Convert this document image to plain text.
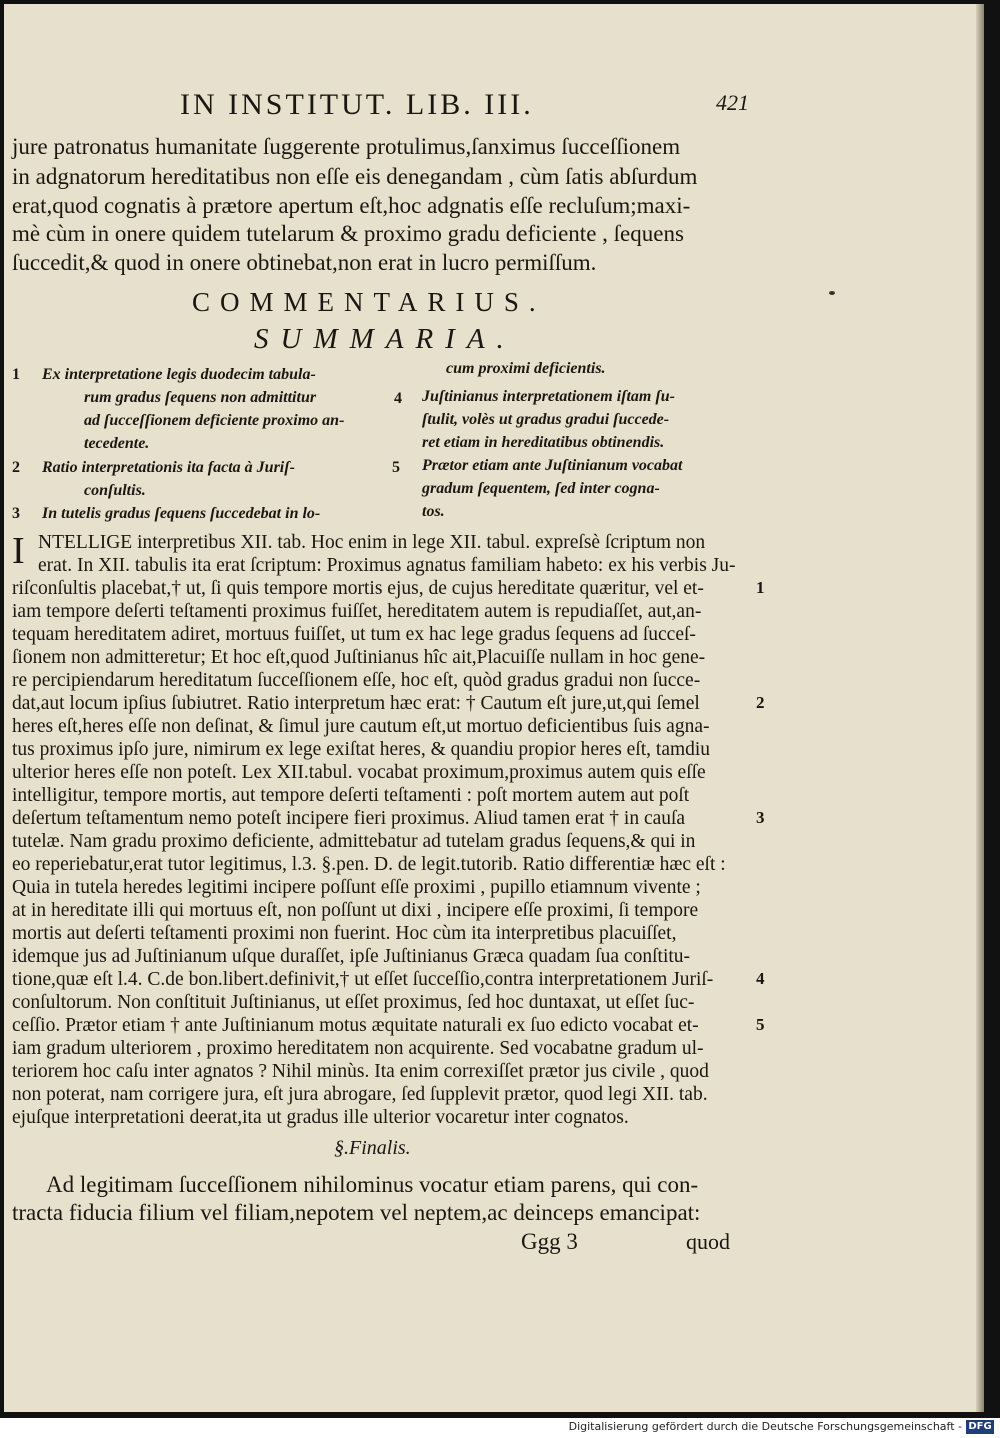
IN INSTITUT. LIB. III.	421
jure patronatus humanitate ſuggerente protulimus,ſanximus ſucceſſionem
in adgnatorum hereditatibus non eſſe eis denegandam , cùm ſatis abſurdum
erat,quod cognatis à prætore apertum eſt,hoc adgnatis eſſe recluſum;maxi-
mè cùm in onere quidem tutelarum & proximo gradu deficiente , ſequens
ſuccedit,& quod in onere obtinebat,non erat in lucro permiſſum.
COMMENTARIUS.
SUMMARIA.
1 Ex interpretatione legis duodecim tabula-
rum gradus ſequens non admittitur
ad ſucceſſionem deficiente proximo an-
tecedente.
2 Ratio interpretationis ita facta à Juriſ-
conſultis.
3 In tutelis gradus ſequens ſuccedebat in lo-
cum proximi deficientis.
4 Juſtinianus interpretationem iſtam ſu-
ſtulit, volès ut gradus gradui ſuccede-
ret etiam in hereditatibus obtinendis.
5 Prætor etiam ante Juſtinianum vocabat
gradum ſequentem, ſed inter cogna-
tos.
I NTELLIGE interpretibus XII. tab. Hoc enim in lege XII. tabul. expreſsè ſcriptum non
erat. In XII. tabulis ita erat ſcriptum: Proximus agnatus familiam habeto: ex his verbis Ju-
riſconſultis placebat,† ut, ſi quis tempore mortis ejus, de cujus hereditate quæritur, vel et-
iam tempore deſerti teſtamenti proximus fuiſſet, hereditatem autem is repudiaſſet, aut,an-
tequam hereditatem adiret, mortuus fuiſſet, ut tum ex hac lege gradus ſequens ad ſucceſ-
ſionem non admitteretur; Et hoc eſt,quod Juſtinianus hîc ait,Placuiſſe nullam in hoc gene-
re percipiendarum hereditatum ſucceſſionem eſſe, hoc eſt, quòd gradus gradui non ſucce-
dat,aut locum ipſius ſubiutret. Ratio interpretum hæc erat: † Cautum eſt jure,ut,qui ſemel
heres eſt,heres eſſe non deſinat, & ſimul jure cautum eſt,ut mortuo deficientibus ſuis agna-
tus proximus ipſo jure, nimirum ex lege exiſtat heres, & quandiu propior heres eſt, tamdiu
ulterior heres eſſe non poteſt. Lex XII.tabul. vocabat proximum,proximus autem quis eſſe
intelligitur, tempore mortis, aut tempore deſerti teſtamenti : poſt mortem autem aut poſt
deſertum teſtamentum nemo poteſt incipere fieri proximus. Aliud tamen erat † in cauſa
tutelæ. Nam gradu proximo deficiente, admittebatur ad tutelam gradus ſequens,& qui in
eo reperiebatur,erat tutor legitimus, l.3. §.pen. D. de legit.tutorib. Ratio differentiæ hæc eſt :
Quia in tutela heredes legitimi incipere poſſunt eſſe proximi , pupillo etiamnum vivente ;
at in hereditate illi qui mortuus eſt, non poſſunt ut dixi , incipere eſſe proximi, ſi tempore
mortis aut deſerti teſtamenti proximi non fuerint. Hoc cùm ita interpretibus placuiſſet,
idemque jus ad Juſtinianum uſque duraſſet, ipſe Juſtinianus Græca quadam ſua conſtitu-
tione,quæ eſt l.4. C.de bon.libert.definivit,† ut eſſet ſucceſſio,contra interpretationem Juriſ-
conſultorum. Non conſtituit Juſtinianus, ut eſſet proximus, ſed hoc duntaxat, ut eſſet ſuc-
ceſſio. Prætor etiam † ante Juſtinianum motus æquitate naturali ex ſuo edicto vocabat et-
iam gradum ulteriorem , proximo hereditatem non acquirente. Sed vocabatne gradum ul-
teriorem hoc caſu inter agnatos ? Nihil minùs. Ita enim correxiſſet prætor jus civile , quod
non poterat, nam corrigere jura, eſt jura abrogare, ſed ſupplevit prætor, quod legi XII. tab.
ejuſque interpretationi deerat,ita ut gradus ille ulterior vocaretur inter cognatos.
1
2
3
4
5
§.Finalis.
Ad legitimam ſucceſſionem nihilominus vocatur etiam parens, qui con-
tracta fiducia filium vel filiam,nepotem vel neptem,ac deinceps emancipat:
Ggg 3	quod
Digitalisierung gefördert durch die Deutsche Forschungsgemeinschaft - DFG
